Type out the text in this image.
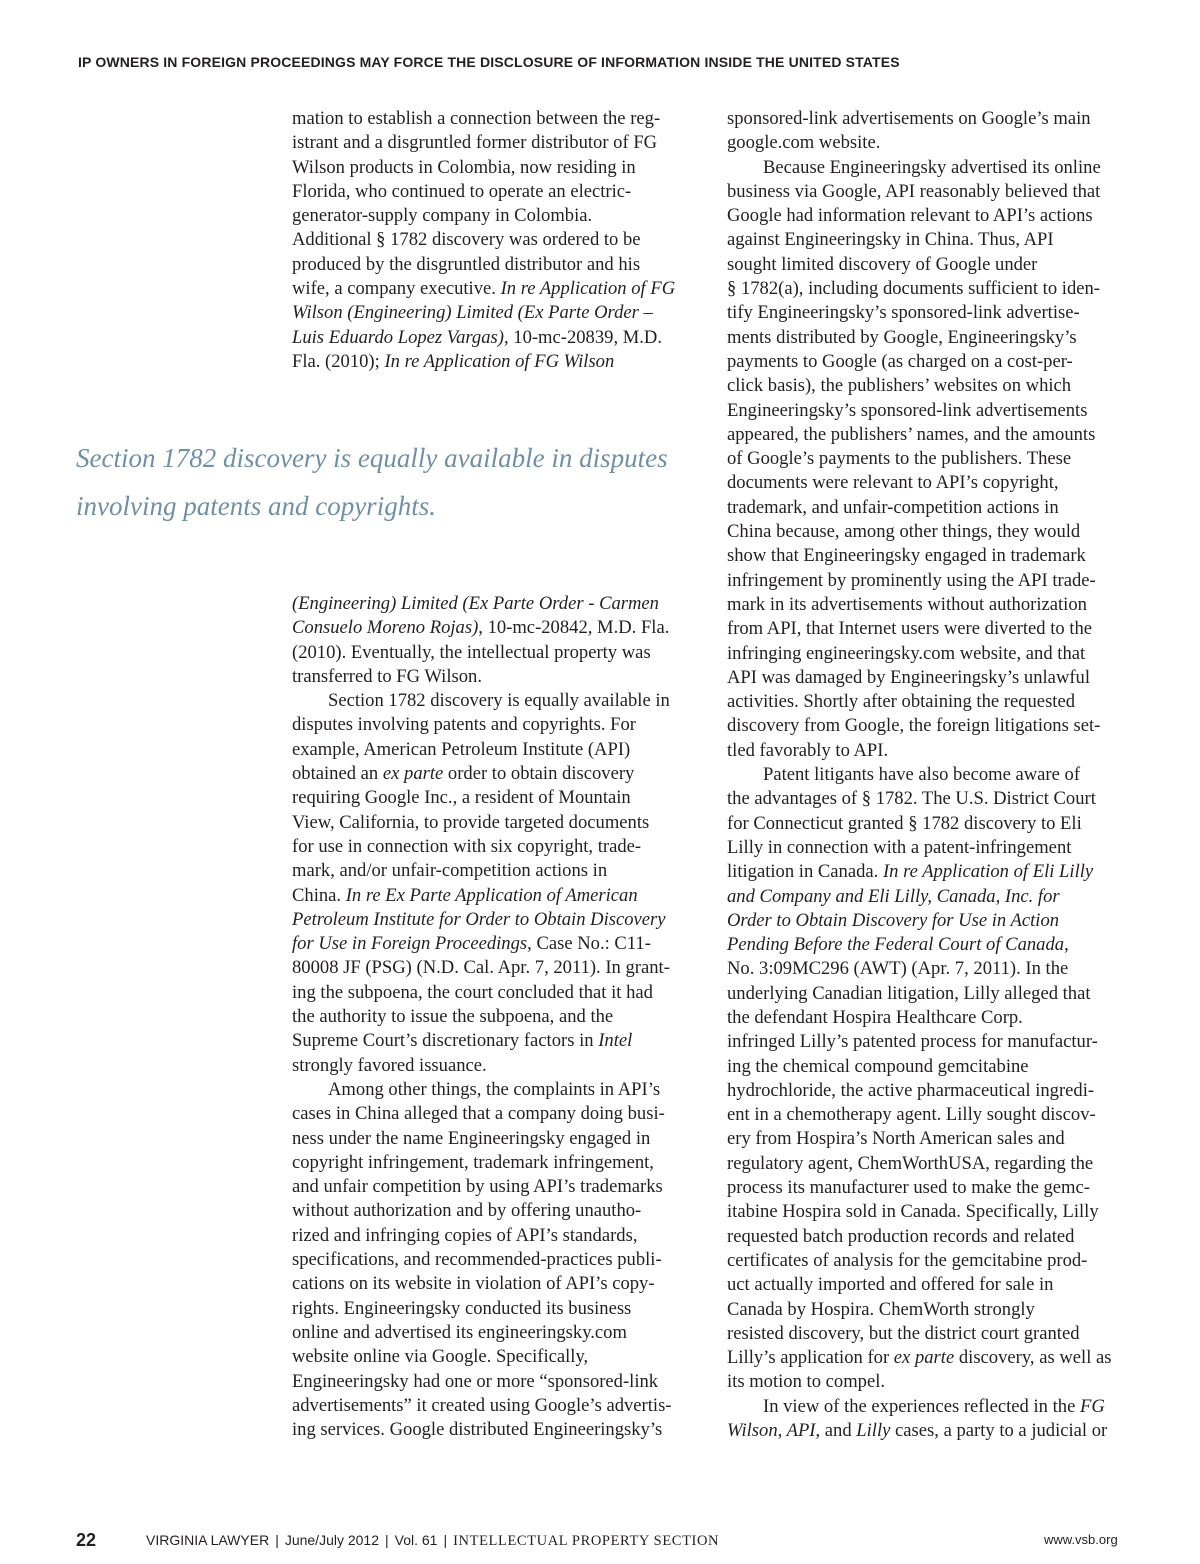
IP OWNERS IN FOREIGN PROCEEDINGS MAY FORCE THE DISCLOSURE OF INFORMATION INSIDE THE UNITED STATES

mation to establish a connection between the reg-
istrant and a disgruntled former distributor of FG
Wilson products in Colombia, now residing in
Florida, who continued to operate an electric-
generator-supply company in Colombia.
Additional § 1782 discovery was ordered to be
produced by the disgruntled distributor and his
wife, a company executive. In re Application of FG
Wilson (Engineering) Limited (Ex Parte Order –
Luis Eduardo Lopez Vargas), 10-mc-20839, M.D.
Fla. (2010); In re Application of FG Wilson

Section 1782 discovery is equally available in disputes
involving patents and copyrights.

(Engineering) Limited (Ex Parte Order - Carmen
Consuelo Moreno Rojas), 10-mc-20842, M.D. Fla.
(2010). Eventually, the intellectual property was
transferred to FG Wilson.

Section 1782 discovery is equally available in
disputes involving patents and copyrights. For
example, American Petroleum Institute (API)
obtained an ex parte order to obtain discovery
requiring Google Inc., a resident of Mountain
View, California, to provide targeted documents
for use in connection with six copyright, trade-
mark, and/or unfair-competition actions in
China. In re Ex Parte Application of American
Petroleum Institute for Order to Obtain Discovery
for Use in Foreign Proceedings, Case No.: C11-
80008 JF (PSG) (N.D. Cal. Apr. 7, 2011). In grant-
ing the subpoena, the court concluded that it had
the authority to issue the subpoena, and the
Supreme Court’s discretionary factors in Intel
strongly favored issuance.

Among other things, the complaints in API’s
cases in China alleged that a company doing busi-
ness under the name Engineeringsky engaged in
copyright infringement, trademark infringement,
and unfair competition by using API’s trademarks
without authorization and by offering unautho-
rized and infringing copies of API’s standards,
specifications, and recommended-practices publi-
cations on its website in violation of API’s copy-
rights. Engineeringsky conducted its business
online and advertised its engineeringsky.com
website online via Google. Specifically,
Engineeringsky had one or more “sponsored-link
advertisements” it created using Google’s advertis-
ing services. Google distributed Engineeringsky’s

sponsored-link advertisements on Google’s main
google.com website.

Because Engineeringsky advertised its online
business via Google, API reasonably believed that
Google had information relevant to API’s actions
against Engineeringsky in China. Thus, API
sought limited discovery of Google under
§ 1782(a), including documents sufficient to iden-
tify Engineeringsky’s sponsored-link advertise-
ments distributed by Google, Engineeringsky’s
payments to Google (as charged on a cost-per-
click basis), the publishers’ websites on which
Engineeringsky’s sponsored-link advertisements
appeared, the publishers’ names, and the amounts
of Google’s payments to the publishers. These
documents were relevant to API’s copyright,
trademark, and unfair-competition actions in
China because, among other things, they would
show that Engineeringsky engaged in trademark
infringement by prominently using the API trade-
mark in its advertisements without authorization
from API, that Internet users were diverted to the
infringing engineeringsky.com website, and that
API was damaged by Engineeringsky’s unlawful
activities. Shortly after obtaining the requested
discovery from Google, the foreign litigations set-
tled favorably to API.

Patent litigants have also become aware of
the advantages of § 1782. The U.S. District Court
for Connecticut granted § 1782 discovery to Eli
Lilly in connection with a patent-infringement
litigation in Canada. In re Application of Eli Lilly
and Company and Eli Lilly, Canada, Inc. for
Order to Obtain Discovery for Use in Action
Pending Before the Federal Court of Canada,
No. 3:09MC296 (AWT) (Apr. 7, 2011). In the
underlying Canadian litigation, Lilly alleged that
the defendant Hospira Healthcare Corp.
infringed Lilly’s patented process for manufactur-
ing the chemical compound gemcitabine
hydrochloride, the active pharmaceutical ingredi-
ent in a chemotherapy agent. Lilly sought discov-
ery from Hospira’s North American sales and
regulatory agent, ChemWorthUSA, regarding the
process its manufacturer used to make the gemc-
itabine Hospira sold in Canada. Specifically, Lilly
requested batch production records and related
certificates of analysis for the gemcitabine prod-
uct actually imported and offered for sale in
Canada by Hospira. ChemWorth strongly
resisted discovery, but the district court granted
Lilly’s application for ex parte discovery, as well as
its motion to compel.

In view of the experiences reflected in the FG
Wilson, API, and Lilly cases, a party to a judicial or

22	VIRGINIA LAWYER | June/July 2012 | Vol. 61 | INTELLECTUAL PROPERTY SECTION	www.vsb.org
